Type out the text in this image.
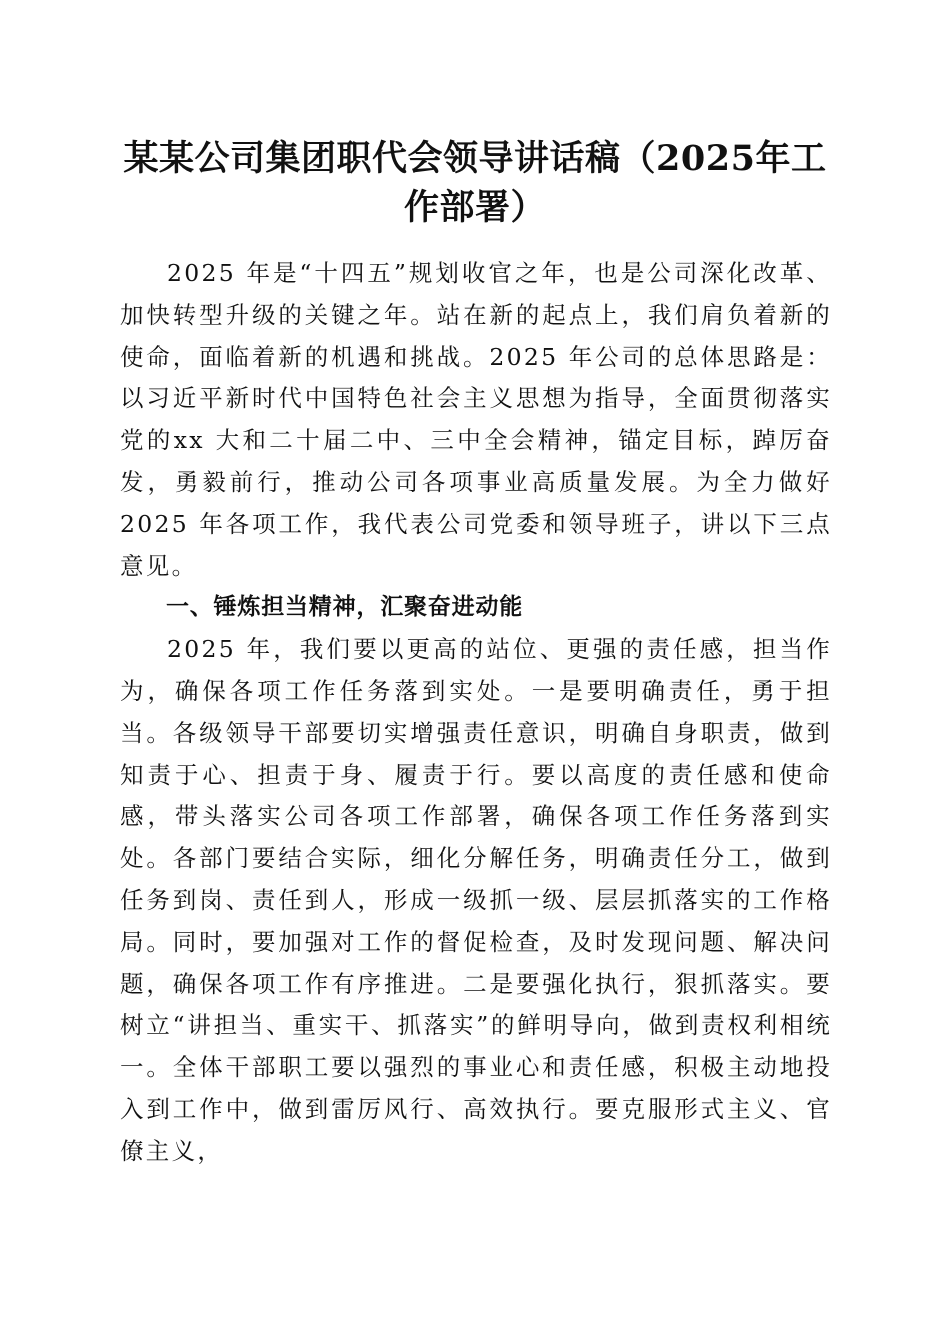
某某公司集团职代会领导讲话稿（2025年工
作部署）

2025 年是“十四五”规划收官之年，也是公司深化改革、加快转型升级的关键之年。站在新的起点上，我们肩负着新的使命，面临着新的机遇和挑战。2025 年公司的总体思路是：以习近平新时代中国特色社会主义思想为指导，全面贯彻落实党的xx 大和二十届二中、三中全会精神，锚定目标，踔厉奋发，勇毅前行，推动公司各项事业高质量发展。为全力做好 2025 年各项工作，我代表公司党委和领导班子，讲以下三点意见。

一、锤炼担当精神，汇聚奋进动能

2025 年，我们要以更高的站位、更强的责任感，担当作为，确保各项工作任务落到实处。一是要明确责任，勇于担当。各级领导干部要切实增强责任意识，明确自身职责，做到知责于心、担责于身、履责于行。要以高度的责任感和使命感，带头落实公司各项工作部署，确保各项工作任务落到实处。各部门要结合实际，细化分解任务，明确责任分工，做到任务到岗、责任到人，形成一级抓一级、层层抓落实的工作格局。同时，要加强对工作的督促检查，及时发现问题、解决问题，确保各项工作有序推进。二是要强化执行，狠抓落实。要树立“讲担当、重实干、抓落实”的鲜明导向，做到责权利相统一。全体干部职工要以强烈的事业心和责任感，积极主动地投入到工作中，做到雷厉风行、高效执行。要克服形式主义、官僚主义，
